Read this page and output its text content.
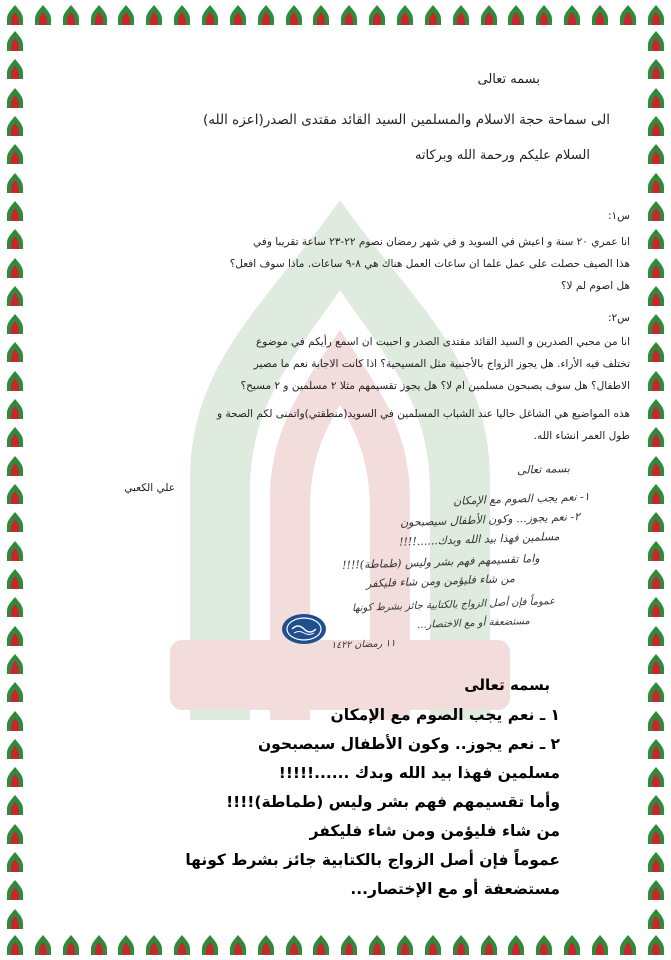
بسمه تعالى
الى سماحة حجة الاسلام والمسلمين السيد القائد مقتدى الصدر(اعزه الله)
السلام عليكم ورحمة الله وبركاته
س١:
انا عمري ٢٠ سنة و اعيش في السويد و في شهر رمضان نصوم ٢٢-٢٣ ساعة تقريبا وفي
هذا الصيف حصلت على عمل علما ان ساعات العمل هناك هي ٨-٩ ساعات. ماذا سوف افعل؟
هل اصوم لم لا؟
س٢:
انا من محبي الصدرين و السيد القائد مقتدى الصدر و احببت ان اسمع رأيكم في موضوع
تختلف فيه الأراء. هل يجوز الزواج بالأجنبية مثل المسيحية؟ اذا كانت الاجابة نعم ما مصير
الاطفال؟ هل سوف يصبحون مسلمين ام لا؟ هل يجوز تقسيمهم مثلا ٢ مسلمين و ٢ مسيح؟
هذه المواضيع هي الشاغل حاليا عند الشباب المسلمين في السويد(منطقتي)واتمنى لكم الصحة و
طول العمر انشاء الله.
علي الكعبي
بسمه تعالى
١- نعم يجب الصوم مع الإمكان
٢- نعم يجوز... وكون الأطفال سيصبحون
مسلمين فهذا بيد الله وبدك......!!!!
واما تقسيمهم فهم بشر وليس (طماطة)!!!!
من شاء فليؤمن ومن شاء فليكفر
عموماً فإن أصل الزواج بالكتابية جائز بشرط كونها
مستضعفة أو مع الاختصار...
١١ رمضان ١٤٢٢
بسمه تعالى
١ ـ نعم يجب الصوم مع الإمكان
٢ ـ نعم يجوز.. وكون الأطفال سيصبحون
مسلمين فهذا بيد الله وبدك ......!!!!!
وأما تقسيمهم فهم بشر وليس (طماطة)!!!!
من شاء فليؤمن ومن شاء فليكفر
عموماً فإن أصل الزواج بالكتابية جائز بشرط كونها
مستضعفة أو مع الإختصار...
